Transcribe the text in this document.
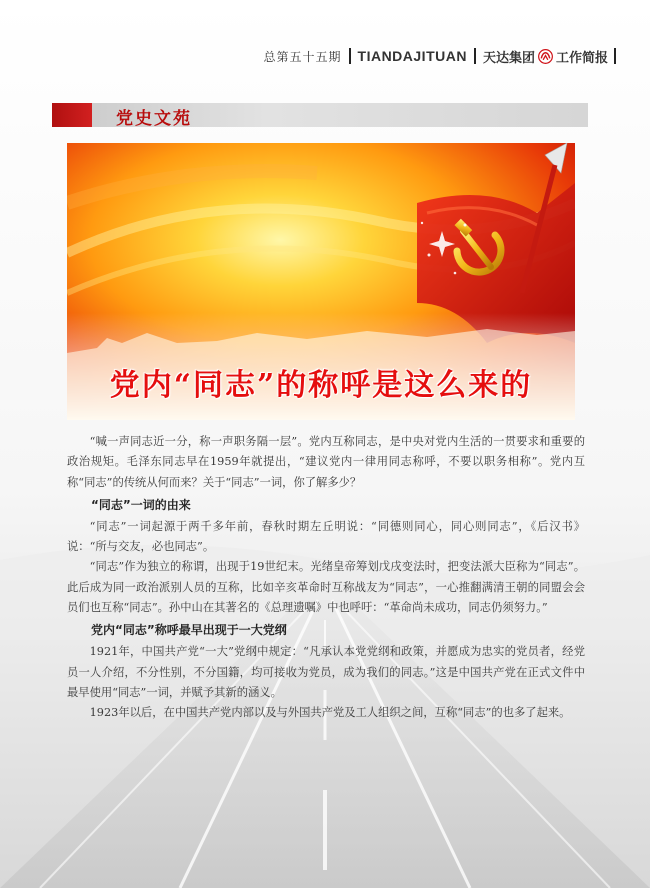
总第五十五期 TIANDAJITUAN 天达集团 工作简报
党史文苑
党内“同志”的称呼是这么来的

“喊一声同志近一分，称一声职务隔一层”。党内互称同志，是中央对党内生活的一贯要求和重要的政治规矩。毛泽东同志早在1959年就提出，“建议党内一律用同志称呼，不要以职务相称”。党内互称“同志”的传统从何而来？关于“同志”一词，你了解多少？

“同志”一词的由来

“同志”一词起源于两千多年前，春秋时期左丘明说：“同德则同心，同心则同志”，《后汉书》说：“所与交友，必也同志”。

“同志”作为独立的称谓，出现于19世纪末。光绪皇帝筹划戊戌变法时，把变法派大臣称为“同志”。此后成为同一政治派别人员的互称，比如辛亥革命时互称战友为“同志”，一心推翻满清王朝的同盟会会员们也互称“同志”。孙中山在其著名的《总理遗嘱》中也呼吁：“革命尚未成功，同志仍须努力。”

党内“同志”称呼最早出现于一大党纲

1921年，中国共产党“一大”党纲中规定：“凡承认本党党纲和政策，并愿成为忠实的党员者，经党员一人介绍，不分性别，不分国籍，均可接收为党员，成为我们的同志。”这是中国共产党在正式文件中最早使用“同志”一词，并赋予其新的涵义。

1923年以后，在中国共产党内部以及与外国共产党及工人组织之间，互称“同志”的也多了起来。
